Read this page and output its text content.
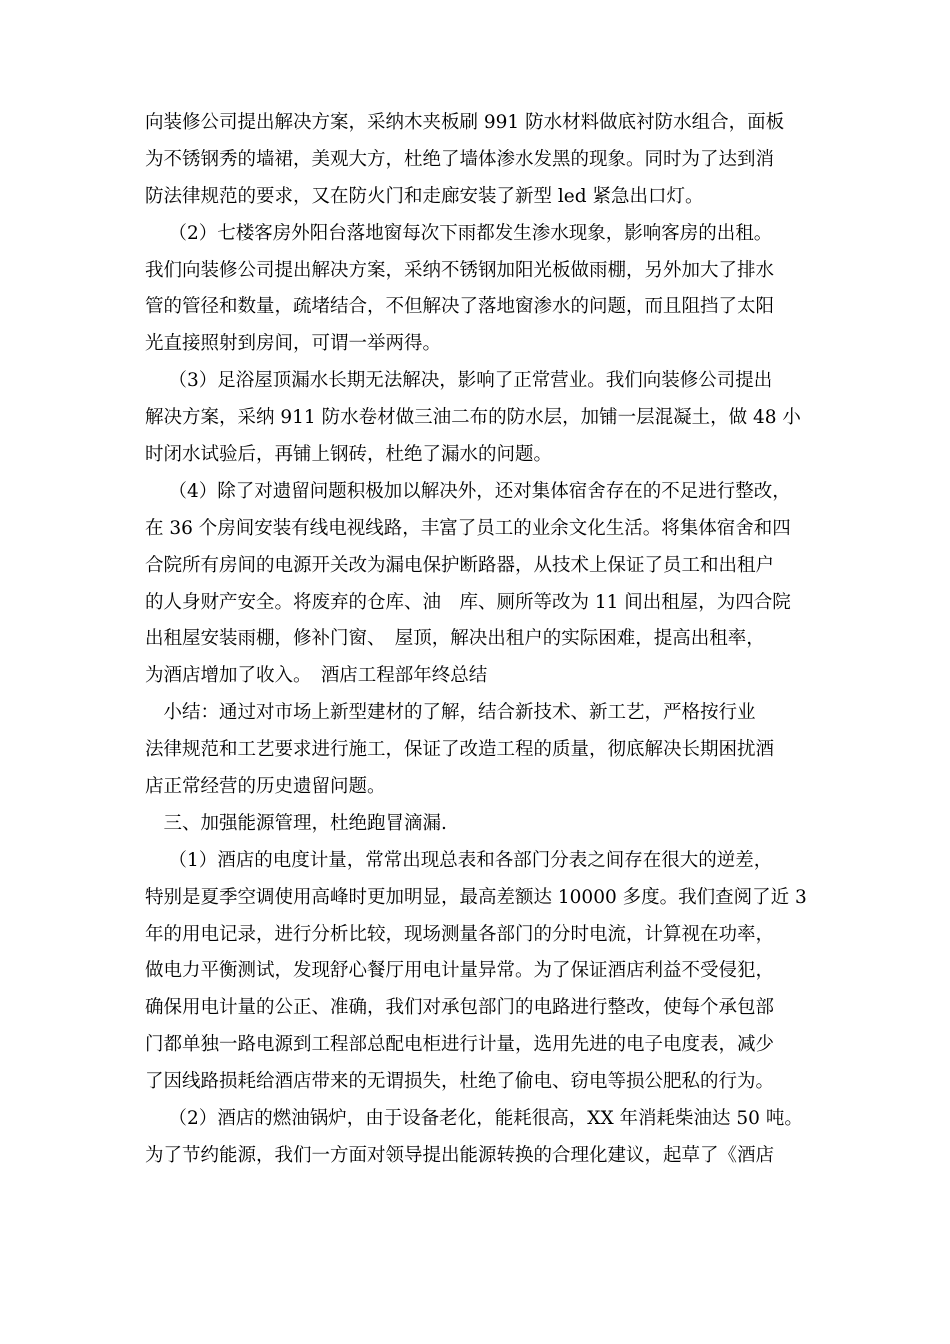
向装修公司提出解决方案，采纳木夹板刷 991 防水材料做底衬防水组合，面板
为不锈钢秀的墙裙，美观大方，杜绝了墙体渗水发黑的现象。同时为了达到消
防法律规范的要求，又在防火门和走廊安装了新型 led 紧急出口灯。
（2）七楼客房外阳台落地窗每次下雨都发生渗水现象，影响客房的出租。
我们向装修公司提出解决方案，采纳不锈钢加阳光板做雨棚，另外加大了排水
管的管径和数量，疏堵结合，不但解决了落地窗渗水的问题，而且阻挡了太阳
光直接照射到房间，可谓一举两得。
（3）足浴屋顶漏水长期无法解决，影响了正常营业。我们向装修公司提出
解决方案，采纳 911 防水卷材做三油二布的防水层，加铺一层混凝土，做 48 小
时闭水试验后，再铺上钢砖，杜绝了漏水的问题。
（4）除了对遗留问题积极加以解决外，还对集体宿舍存在的不足进行整改，
在 36 个房间安装有线电视线路，丰富了员工的业余文化生活。将集体宿舍和四
合院所有房间的电源开关改为漏电保护断路器，从技术上保证了员工和出租户
的人身财产安全。将废弃的仓库、油　库、厕所等改为 11 间出租屋，为四合院
出租屋安装雨棚，修补门窗、　屋顶，解决出租户的实际困难，提高出租率，
为酒店增加了收入。　酒店工程部年终总结
　小结：通过对市场上新型建材的了解，结合新技术、新工艺，严格按行业
法律规范和工艺要求进行施工，保证了改造工程的质量，彻底解决长期困扰酒
店正常经营的历史遗留问题。
　三、加强能源管理，杜绝跑冒滴漏.
（1）酒店的电度计量，常常出现总表和各部门分表之间存在很大的逆差，
特别是夏季空调使用高峰时更加明显，最高差额达 10000 多度。我们查阅了近 3
年的用电记录，进行分析比较，现场测量各部门的分时电流，计算视在功率，
做电力平衡测试，发现舒心餐厅用电计量异常。为了保证酒店利益不受侵犯，
确保用电计量的公正、准确，我们对承包部门的电路进行整改，使每个承包部
门都单独一路电源到工程部总配电柜进行计量，选用先进的电子电度表，减少
了因线路损耗给酒店带来的无谓损失，杜绝了偷电、窃电等损公肥私的行为。
（2）酒店的燃油锅炉，由于设备老化，能耗很高，XX 年消耗柴油达 50 吨。
为了节约能源，我们一方面对领导提出能源转换的合理化建议，起草了《酒店
